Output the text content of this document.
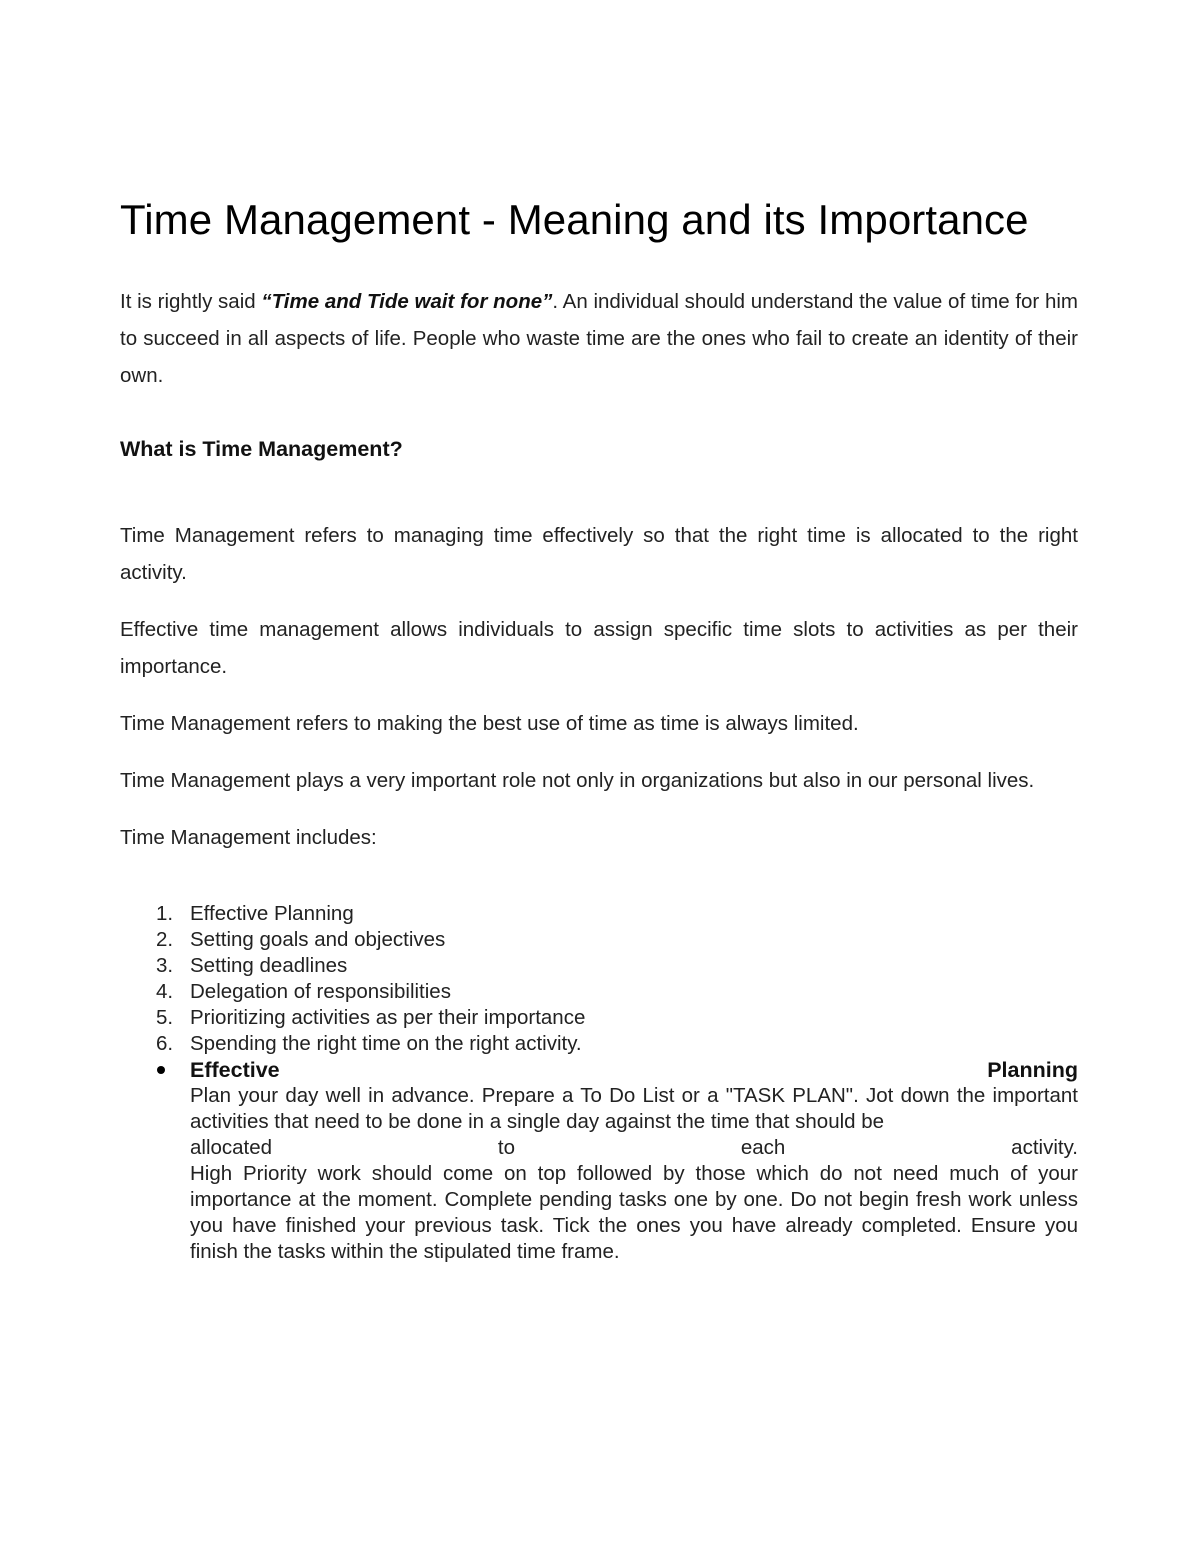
Time Management - Meaning and its Importance

It is rightly said “Time and Tide wait for none”. An individual should understand the value of time for him to succeed in all aspects of life. People who waste time are the ones who fail to create an identity of their own.

What is Time Management?

Time Management refers to managing time effectively so that the right time is allocated to the right activity.

Effective time management allows individuals to assign specific time slots to activities as per their importance.

Time Management refers to making the best use of time as time is always limited.

Time Management plays a very important role not only in organizations but also in our personal lives.

Time Management includes:

1. Effective Planning
2. Setting goals and objectives
3. Setting deadlines
4. Delegation of responsibilities
5. Prioritizing activities as per their importance
6. Spending the right time on the right activity.
Effective	Planning
Plan your day well in advance. Prepare a To Do List or a "TASK PLAN". Jot down the important activities that need to be done in a single day against the time that should be
allocated	to	each	activity.
High Priority work should come on top followed by those which do not need much of your importance at the moment. Complete pending tasks one by one. Do not begin fresh work unless you have finished your previous task. Tick the ones you have already completed. Ensure you finish the tasks within the stipulated time frame.
